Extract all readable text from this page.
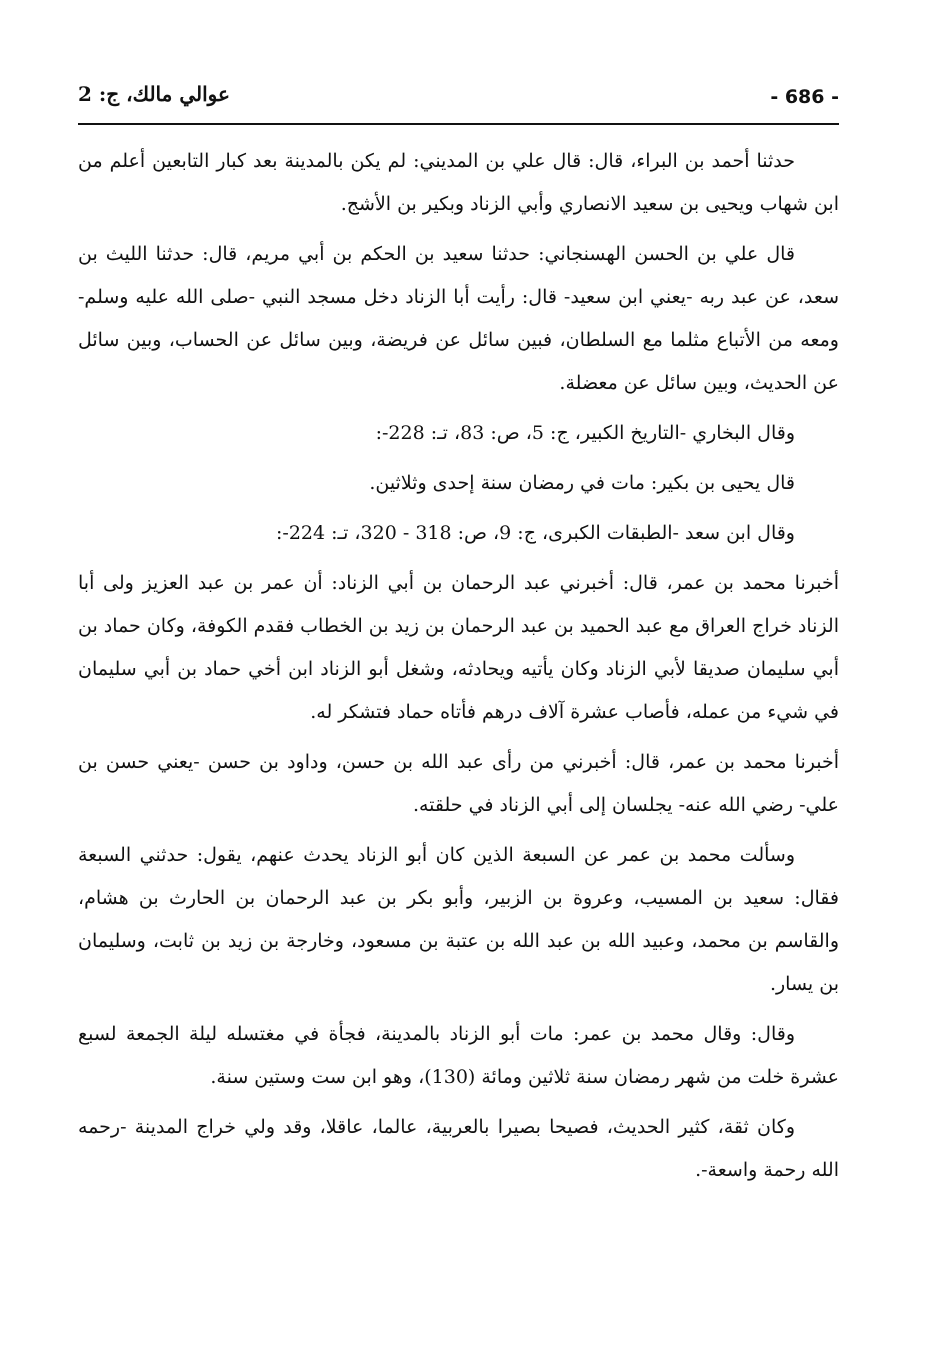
عوالي مالك، ج: 2	- 686 -

حدثنا أحمد بن البراء، قال: قال علي بن المديني: لم يكن بالمدينة بعد كبار التابعين أعلم من ابن شهاب ويحيى بن سعيد الانصاري وأبي الزناد وبكير بن الأشج.

قال علي بن الحسن الهسنجاني: حدثنا سعيد بن الحكم بن أبي مريم، قال: حدثنا الليث بن سعد، عن عبد ربه -يعني ابن سعيد- قال: رأيت أبا الزناد دخل مسجد النبي -صلى الله عليه وسلم- ومعه من الأتباع مثلما مع السلطان، فبين سائل عن فريضة، وبين سائل عن الحساب، وبين سائل عن الحديث، وبين سائل عن معضلة.

وقال البخاري -التاريخ الكبير، ج: 5، ص: 83، تـ: 228-:

قال يحيى بن بكير: مات في رمضان سنة إحدى وثلاثين.

وقال ابن سعد -الطبقات الكبرى، ج: 9، ص: 318 - 320، تـ: 224-:

أخبرنا محمد بن عمر، قال: أخبرني عبد الرحمان بن أبي الزناد: أن عمر بن عبد العزيز ولى أبا الزناد خراج العراق مع عبد الحميد بن عبد الرحمان بن زيد بن الخطاب فقدم الكوفة، وكان حماد بن أبي سليمان صديقا لأبي الزناد وكان يأتيه ويحادثه، وشغل أبو الزناد ابن أخي حماد بن أبي سليمان في شيء من عمله، فأصاب عشرة آلاف درهم فأتاه حماد فتشكر له.

أخبرنا محمد بن عمر، قال: أخبرني من رأى عبد الله بن حسن، وداود بن حسن -يعني حسن بن علي- رضي الله عنه- يجلسان إلى أبي الزناد في حلقته.

وسألت محمد بن عمر عن السبعة الذين كان أبو الزناد يحدث عنهم، يقول: حدثني السبعة فقال: سعيد بن المسيب، وعروة بن الزبير، وأبو بكر بن عبد الرحمان بن الحارث بن هشام، والقاسم بن محمد، وعبيد الله بن عبد الله بن عتبة بن مسعود، وخارجة بن زيد بن ثابت، وسليمان بن يسار.

وقال: وقال محمد بن عمر: مات أبو الزناد بالمدينة، فجأة في مغتسله ليلة الجمعة لسبع عشرة خلت من شهر رمضان سنة ثلاثين ومائة (130)، وهو ابن ست وستين سنة.

وكان ثقة، كثير الحديث، فصيحا بصيرا بالعربية، عالما، عاقلا، وقد ولي خراج المدينة -رحمه الله رحمة واسعة-.
